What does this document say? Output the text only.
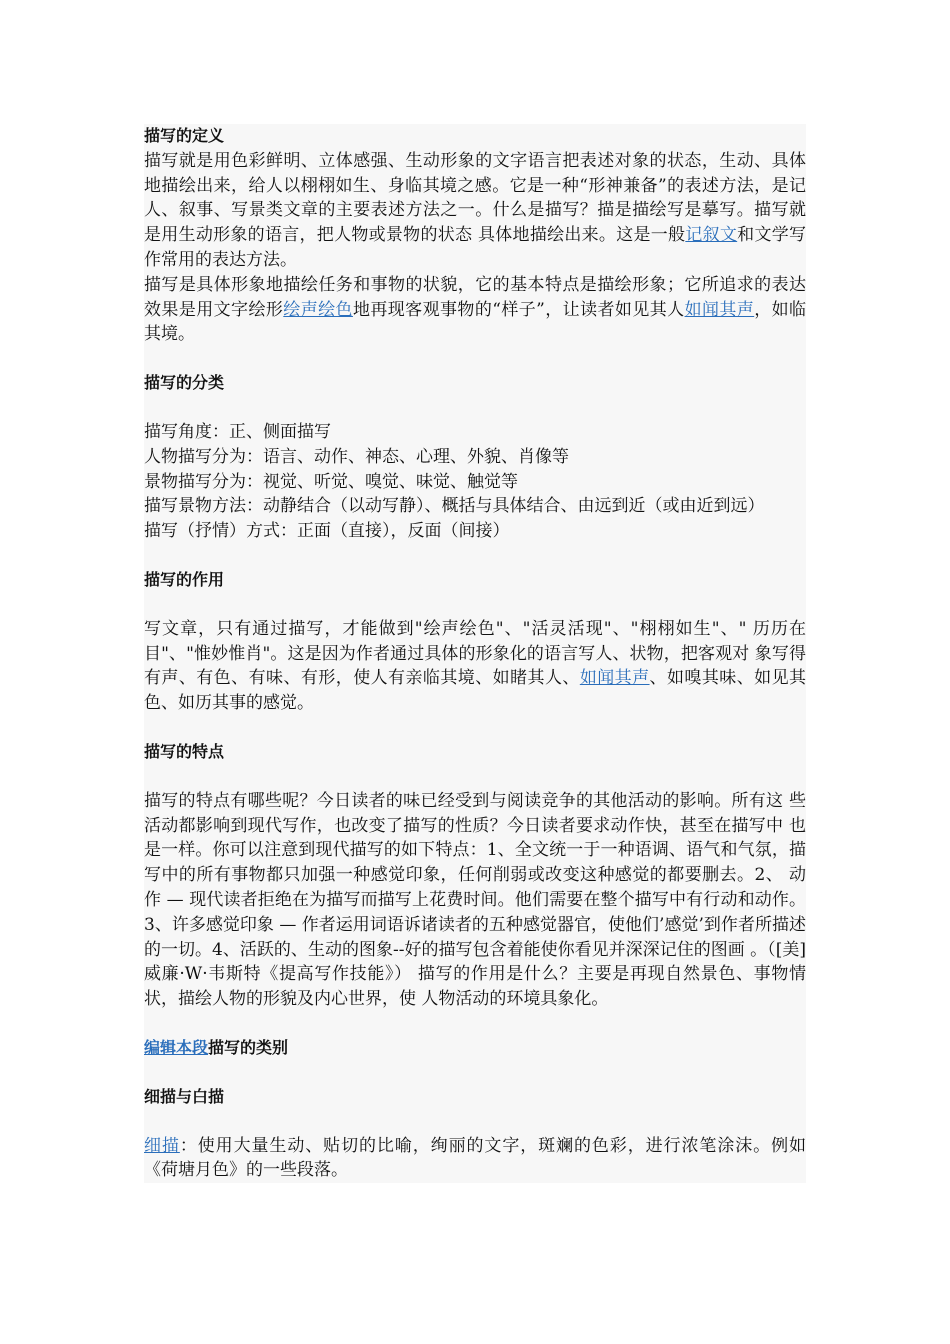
描写的定义

描写就是用色彩鲜明、立体感强、生动形象的文字语言把表述对象的状态，生动、具体地描绘出来，给人以栩栩如生、身临其境之感。它是一种“形神兼备”的表述方法，是记人、叙事、写景类文章的主要表述方法之一。什么是描写？描是描绘写是摹写。描写就是用生动形象的语言，把人物或景物的状态 具体地描绘出来。这是一般记叙文和文学写作常用的表达方法。

描写是具体形象地描绘任务和事物的状貌，它的基本特点是描绘形象；它所追求的表达效果是用文字绘形绘声绘色地再现客观事物的“样子”，让读者如见其人如闻其声，如临其境。

描写的分类

描写角度：正、侧面描写

人物描写分为：语言、动作、神态、心理、外貌、肖像等

景物描写分为：视觉、听觉、嗅觉、味觉、触觉等

描写景物方法：动静结合（以动写静）、概括与具体结合、由远到近（或由近到远）

描写（抒情）方式：正面（直接），反面（间接）

描写的作用

写文章，只有通过描写，才能做到"绘声绘色"、"活灵活现"、"栩栩如生"、" 历历在目"、"惟妙惟肖"。这是因为作者通过具体的形象化的语言写人、状物，把客观对 象写得有声、有色、有味、有形，使人有亲临其境、如睹其人、如闻其声、如嗅其味、如见其色、如历其事的感觉。

描写的特点

描写的特点有哪些呢？今日读者的味已经受到与阅读竞争的其他活动的影响。所有这 些活动都影响到现代写作，也改变了描写的性质？今日读者要求动作快，甚至在描写中 也是一样。你可以注意到现代描写的如下特点：1、全文统一于一种语调、语气和气氛，描写中的所有事物都只加强一种感觉印象，任何削弱或改变这种感觉的都要删去。2、 动作 — 现代读者拒绝在为描写而描写上花费时间。他们需要在整个描写中有行动和动作。 3、许多感觉印象 — 作者运用词语诉诸读者的五种感觉器官，使他们’感觉’到作者所描述的一切。4、活跃的、生动的图象--好的描写包含着能使你看见并深深记住的图画 。（[美]威廉·W·韦斯特《提高写作技能》） 描写的作用是什么？主要是再现自然景色、事物情状，描绘人物的形貌及内心世界，使 人物活动的环境具象化。

编辑本段描写的类别

细描与白描

细描：使用大量生动、贴切的比喻，绚丽的文字，斑斓的色彩，进行浓笔涂沫。例如《荷塘月色》的一些段落。
